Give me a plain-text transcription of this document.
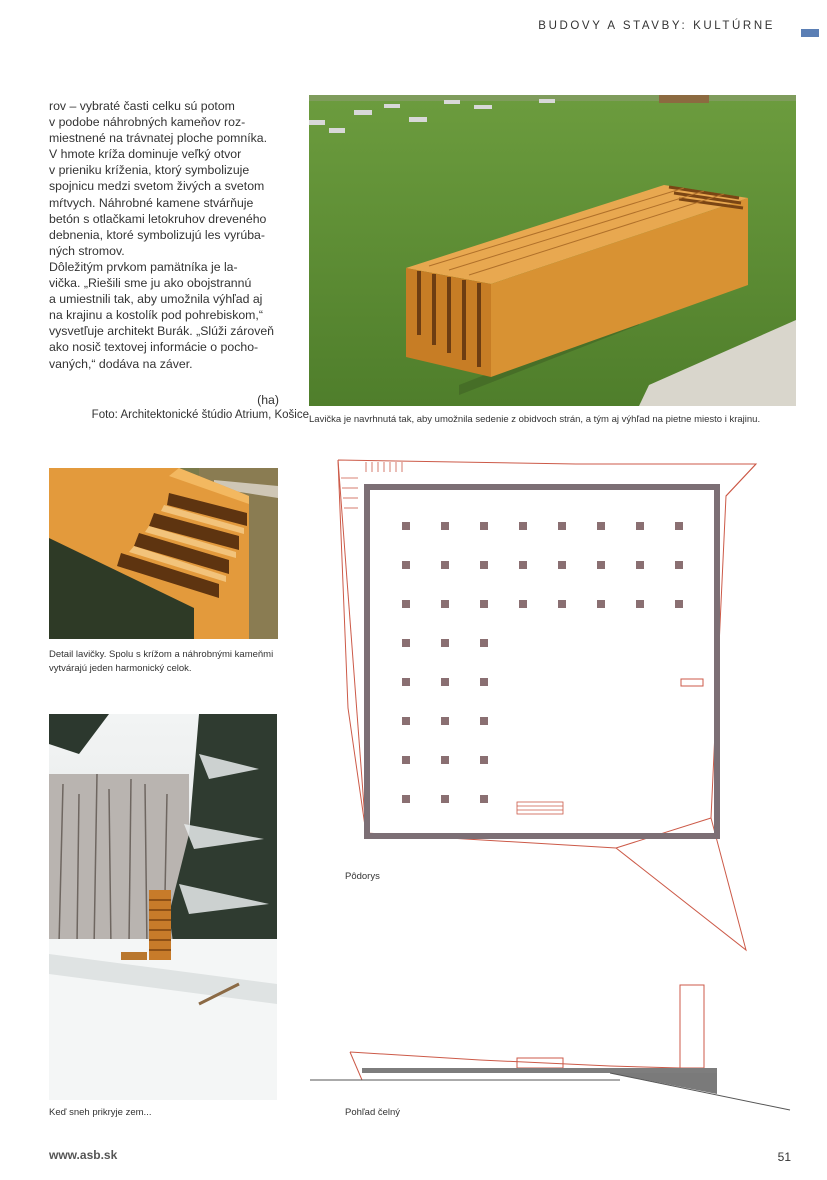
BUDOVY A STAVBY: KULTÚRNE

rov – vybraté časti celku sú potom
v podobe náhrobných kameňov roz-
miestnené na trávnatej ploche pomníka.
V hmote kríža dominuje veľký otvor
v prieniku kríženia, ktorý symbolizuje
spojnicu medzi svetom živých a svetom
mŕtvych. Náhrobné kamene stvárňuje
betón s otlačkami letokruhov dreveného
debnenia, ktoré symbolizujú les vyrúba-
ných stromov.

Dôležitým prvkom pamätníka je la-
vička. „Riešili sme ju ako obojstrannú
a umiestnili tak, aby umožnila výhľad aj
na krajinu a kostolík pod pohrebiskom,“
vysvetľuje architekt Burák. „Slúži zároveň
ako nosič textovej informácie o pocho-
vaných,“ dodáva na záver.

(ha)
Foto: Architektonické štúdio Atrium, Košice Lavička je navrhnutá tak, aby umožnila sedenie z obidvoch strán, a tým aj výhľad na pietne miesto i krajinu.
Detail lavičky. Spolu s krížom a náhrobnými kameňmi
vytvárajú jeden harmonický celok.
Keď sneh prikryje zem...
Pôdorys
Pohľad čelný
www.asb.sk	51
